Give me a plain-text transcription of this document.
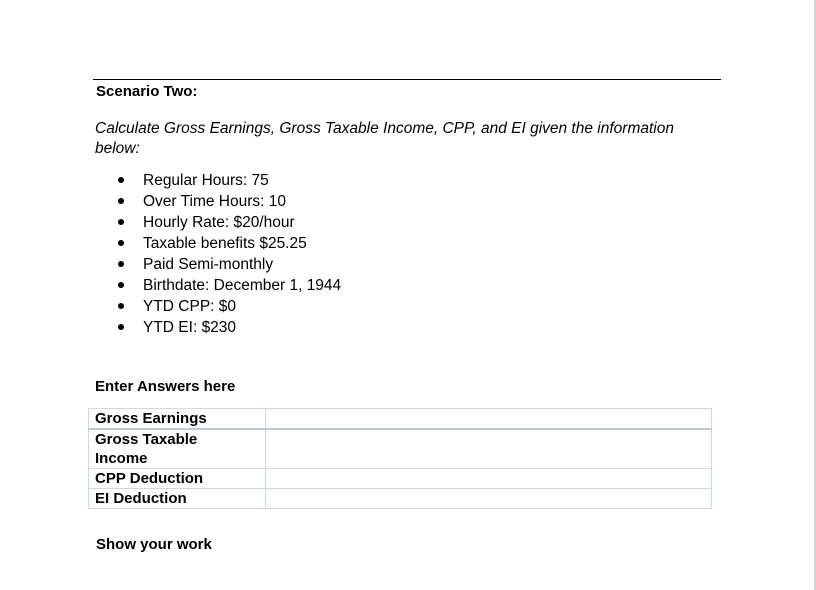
Scenario Two:

Calculate Gross Earnings, Gross Taxable Income, CPP, and EI given the information below:

Regular Hours: 75
Over Time Hours: 10
Hourly Rate: $20/hour
Taxable benefits $25.25
Paid Semi-monthly
Birthdate: December 1, 1944
YTD CPP: $0
YTD EI: $230

Enter Answers here

Gross Earnings	
Gross Taxable Income	
CPP Deduction	
EI Deduction	

Show your work
